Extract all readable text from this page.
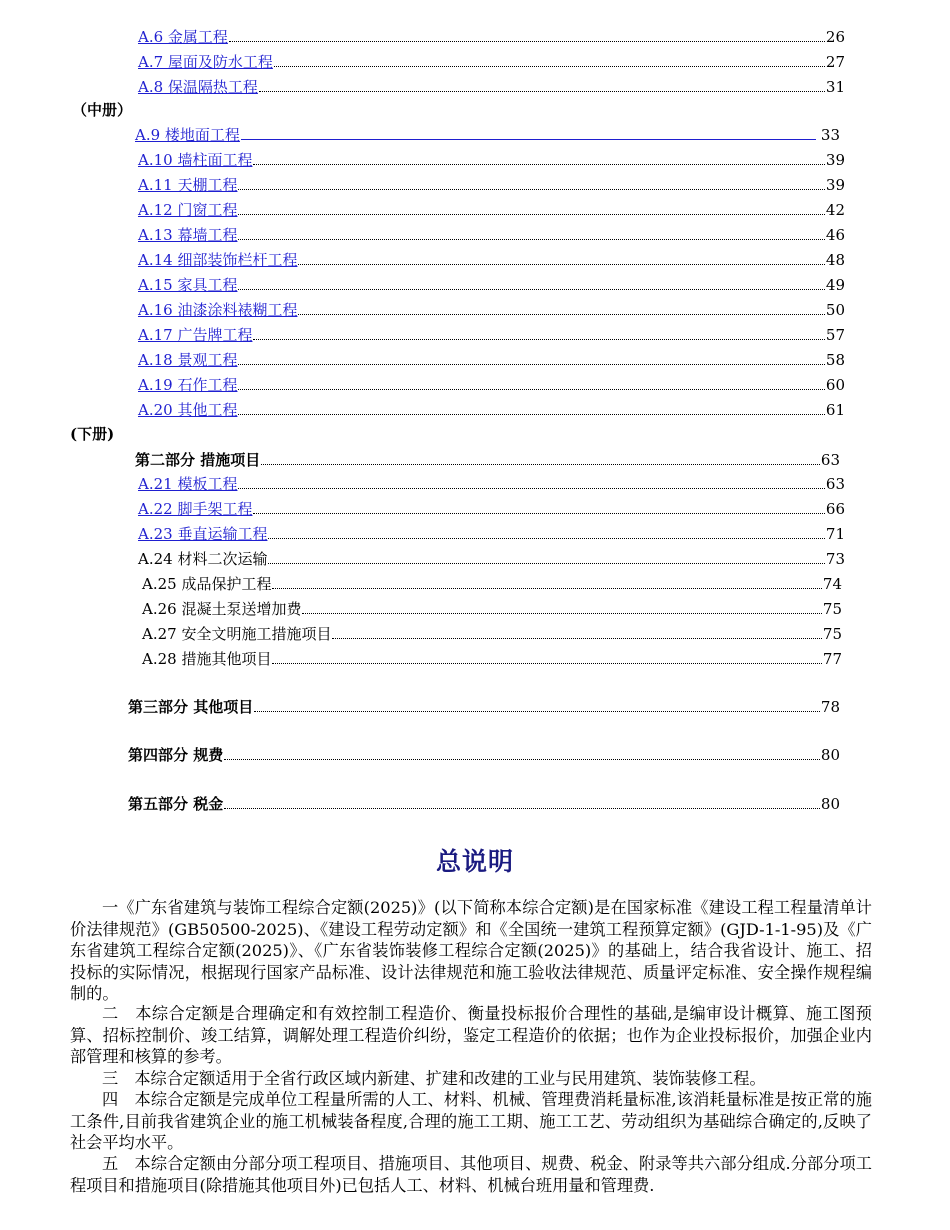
A.6 金属工程	26
A.7 屋面及防水工程	27
A.8 保温隔热工程	31
（中册）
A.9 楼地面工程	33
A.10 墙柱面工程	39
A.11 天棚工程	39
A.12 门窗工程	42
A.13 幕墙工程	46
A.14 细部装饰栏杆工程	48
A.15 家具工程	49
A.16 油漆涂料裱糊工程	50
A.17 广告牌工程	57
A.18 景观工程	58
A.19 石作工程	60
A.20 其他工程	61
(下册)
第二部分 措施项目	63
A.21 模板工程	63
A.22 脚手架工程	66
A.23 垂直运输工程	71
A.24 材料二次运输	73
A.25 成品保护工程	74
A.26 混凝土泵送增加费	75
A.27 安全文明施工措施项目	75
A.28 措施其他项目	77
第三部分 其他项目	78
第四部分 规费	80
第五部分 税金	80
总说明
一《广东省建筑与装饰工程综合定额(2025)》(以下简称本综合定额)是在国家标准《建设工程工程量清单计价法律规范》(GB50500-2025)、《建设工程劳动定额》和《全国统一建筑工程预算定额》(GJD-1-1-95)及《广东省建筑工程综合定额(2025)》、《广东省装饰装修工程综合定额(2025)》的基础上，结合我省设计、施工、招投标的实际情况，根据现行国家产品标准、设计法律规范和施工验收法律规范、质量评定标准、安全操作规程编制的。
二　本综合定额是合理确定和有效控制工程造价、衡量投标报价合理性的基础,是编审设计概算、施工图预算、招标控制价、竣工结算，调解处理工程造价纠纷，鉴定工程造价的依据；也作为企业投标报价，加强企业内部管理和核算的参考。
三　本综合定额适用于全省行政区域内新建、扩建和改建的工业与民用建筑、装饰装修工程。
四　本综合定额是完成单位工程量所需的人工、材料、机械、管理费消耗量标准,该消耗量标准是按正常的施工条件,目前我省建筑企业的施工机械装备程度,合理的施工工期、施工工艺、劳动组织为基础综合确定的,反映了社会平均水平。
五　本综合定额由分部分项工程项目、措施项目、其他项目、规费、税金、附录等共六部分组成.分部分项工程项目和措施项目(除措施其他项目外)已包括人工、材料、机械台班用量和管理费.
